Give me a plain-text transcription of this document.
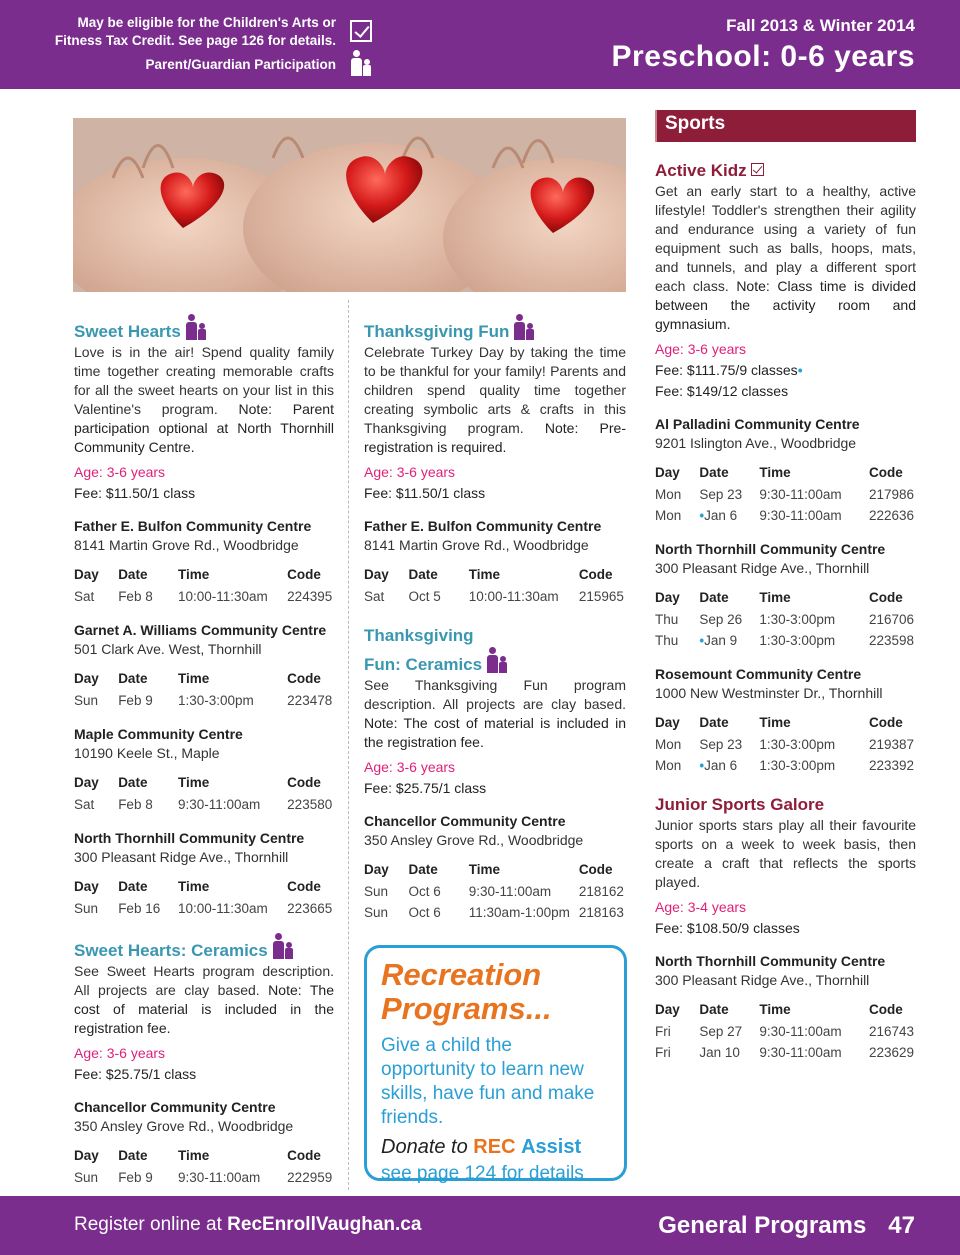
May be eligible for the Children's Arts or
Fitness Tax Credit. See page 126 for details.
Parent/Guardian Participation
Fall 2013 & Winter 2014
Preschool: 0-6 years
Sweet Hearts
Love is in the air! Spend quality family time together creating memorable crafts for all the sweet hearts on your list in this Valentine's program. Note: Parent participation optional at North Thornhill Community Centre.
Age: 3-6 years
Fee: $11.50/1 class
Father E. Bulfon Community Centre
8141 Martin Grove Rd., Woodbridge
Day	Date	Time	Code
Sat	Feb 8	10:00-11:30am	224395
Garnet A. Williams Community Centre
501 Clark Ave. West, Thornhill
Day	Date	Time	Code
Sun	Feb 9	1:30-3:00pm	223478
Maple Community Centre
10190 Keele St., Maple
Day	Date	Time	Code
Sat	Feb 8	9:30-11:00am	223580
North Thornhill Community Centre
300 Pleasant Ridge Ave., Thornhill
Day	Date	Time	Code
Sun	Feb 16	10:00-11:30am	223665
Sweet Hearts: Ceramics
See Sweet Hearts program description. All projects are clay based. Note: The cost of material is included in the registration fee.
Age: 3-6 years
Fee: $25.75/1 class
Chancellor Community Centre
350 Ansley Grove Rd., Woodbridge
Day	Date	Time	Code
Sun	Feb 9	9:30-11:00am	222959
Thanksgiving Fun
Celebrate Turkey Day by taking the time to be thankful for your family! Parents and children spend quality time together creating symbolic arts & crafts in this Thanksgiving program. Note: Pre-registration is required.
Age: 3-6 years
Fee: $11.50/1 class
Father E. Bulfon Community Centre
8141 Martin Grove Rd., Woodbridge
Day	Date	Time	Code
Sat	Oct 5	10:00-11:30am	215965
Thanksgiving
Fun: Ceramics
See Thanksgiving Fun program description. All projects are clay based. Note: The cost of material is included in the registration fee.
Age: 3-6 years
Fee: $25.75/1 class
Chancellor Community Centre
350 Ansley Grove Rd., Woodbridge
Day	Date	Time	Code
Sun	Oct 6	9:30-11:00am	218162
Sun	Oct 6	11:30am-1:00pm	218163
Recreation
Programs...
Give a child the opportunity to learn new skills, have fun and make friends.
Donate to REC Assist
see page 124 for details
Sports
Active Kidz
Get an early start to a healthy, active lifestyle! Toddler's strengthen their agility and endurance using a variety of fun equipment such as balls, hoops, mats, and tunnels, and play a different sport each class. Note: Class time is divided between the activity room and gymnasium.
Age: 3-6 years
Fee: $111.75/9 classes•
Fee: $149/12 classes
Al Palladini Community Centre
9201 Islington Ave., Woodbridge
Day	Date	Time	Code
Mon	Sep 23	9:30-11:00am	217986
Mon	•Jan 6	9:30-11:00am	222636
North Thornhill Community Centre
300 Pleasant Ridge Ave., Thornhill
Day	Date	Time	Code
Thu	Sep 26	1:30-3:00pm	216706
Thu	•Jan 9	1:30-3:00pm	223598
Rosemount Community Centre
1000 New Westminster Dr., Thornhill
Day	Date	Time	Code
Mon	Sep 23	1:30-3:00pm	219387
Mon	•Jan 6	1:30-3:00pm	223392
Junior Sports Galore
Junior sports stars play all their favourite sports on a week to week basis, then create a craft that reflects the sports played.
Age: 3-4 years
Fee: $108.50/9 classes
North Thornhill Community Centre
300 Pleasant Ridge Ave., Thornhill
Day	Date	Time	Code
Fri	Sep 27	9:30-11:00am	216743
Fri	Jan 10	9:30-11:00am	223629
Register online at RecEnrollVaughan.ca	General Programs 47
